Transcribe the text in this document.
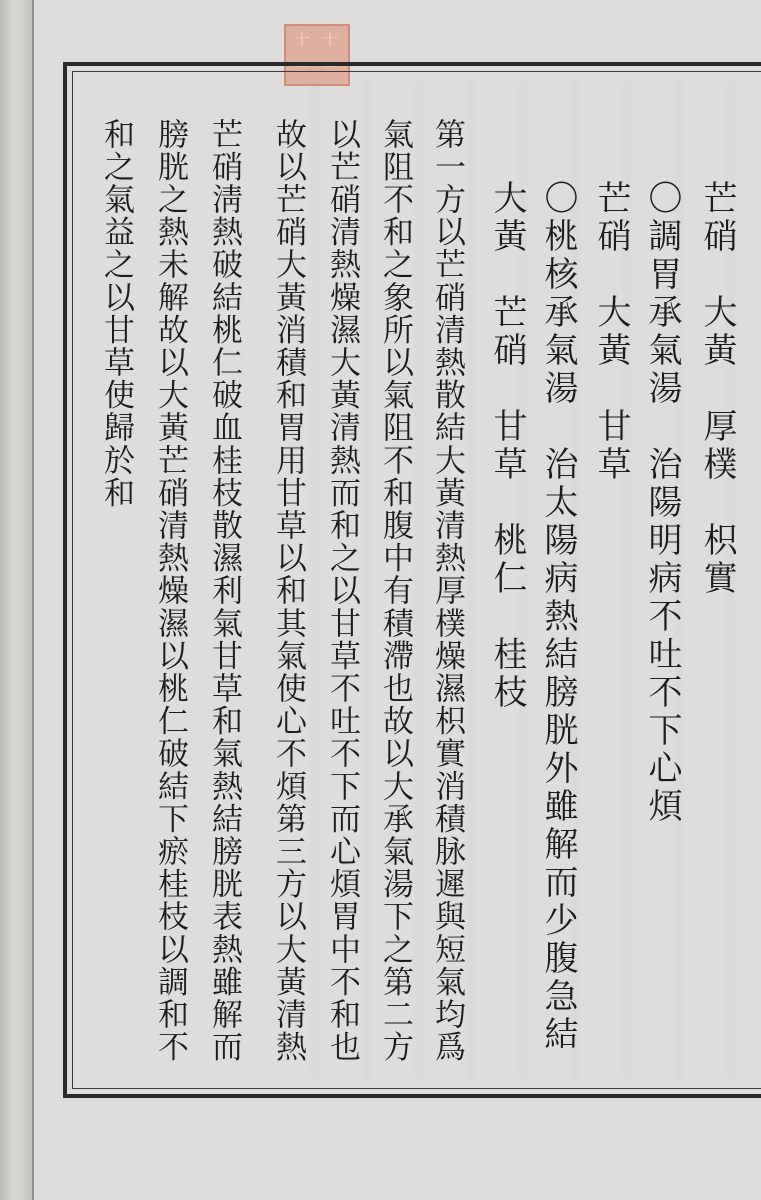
十 十
一 一
芒硝　大黃　厚樸　枳實
〇調胃承氣湯　治陽明病不吐不下心煩
芒硝　大黃　甘草
〇桃核承氣湯　治太陽病熱結膀胱外雖解而少腹急結
大黃　芒硝　甘草　桃仁　桂枝
第一方以芒硝清熱散結大黃清熱厚樸燥濕枳實消積脉遲與短氣均爲
氣阻不和之象所以氣阻不和腹中有積滯也故以大承氣湯下之第二方
以芒硝清熱燥濕大黃清熱而和之以甘草不吐不下而心煩胃中不和也
故以芒硝大黃消積和胃用甘草以和其氣使心不煩第三方以大黃清熱
芒硝淸熱破結桃仁破血桂枝散濕利氣甘草和氣熱結膀胱表熱雖解而
膀胱之熱未解故以大黃芒硝清熱燥濕以桃仁破結下瘀桂枝以調和不
和之氣益之以甘草使歸於和
